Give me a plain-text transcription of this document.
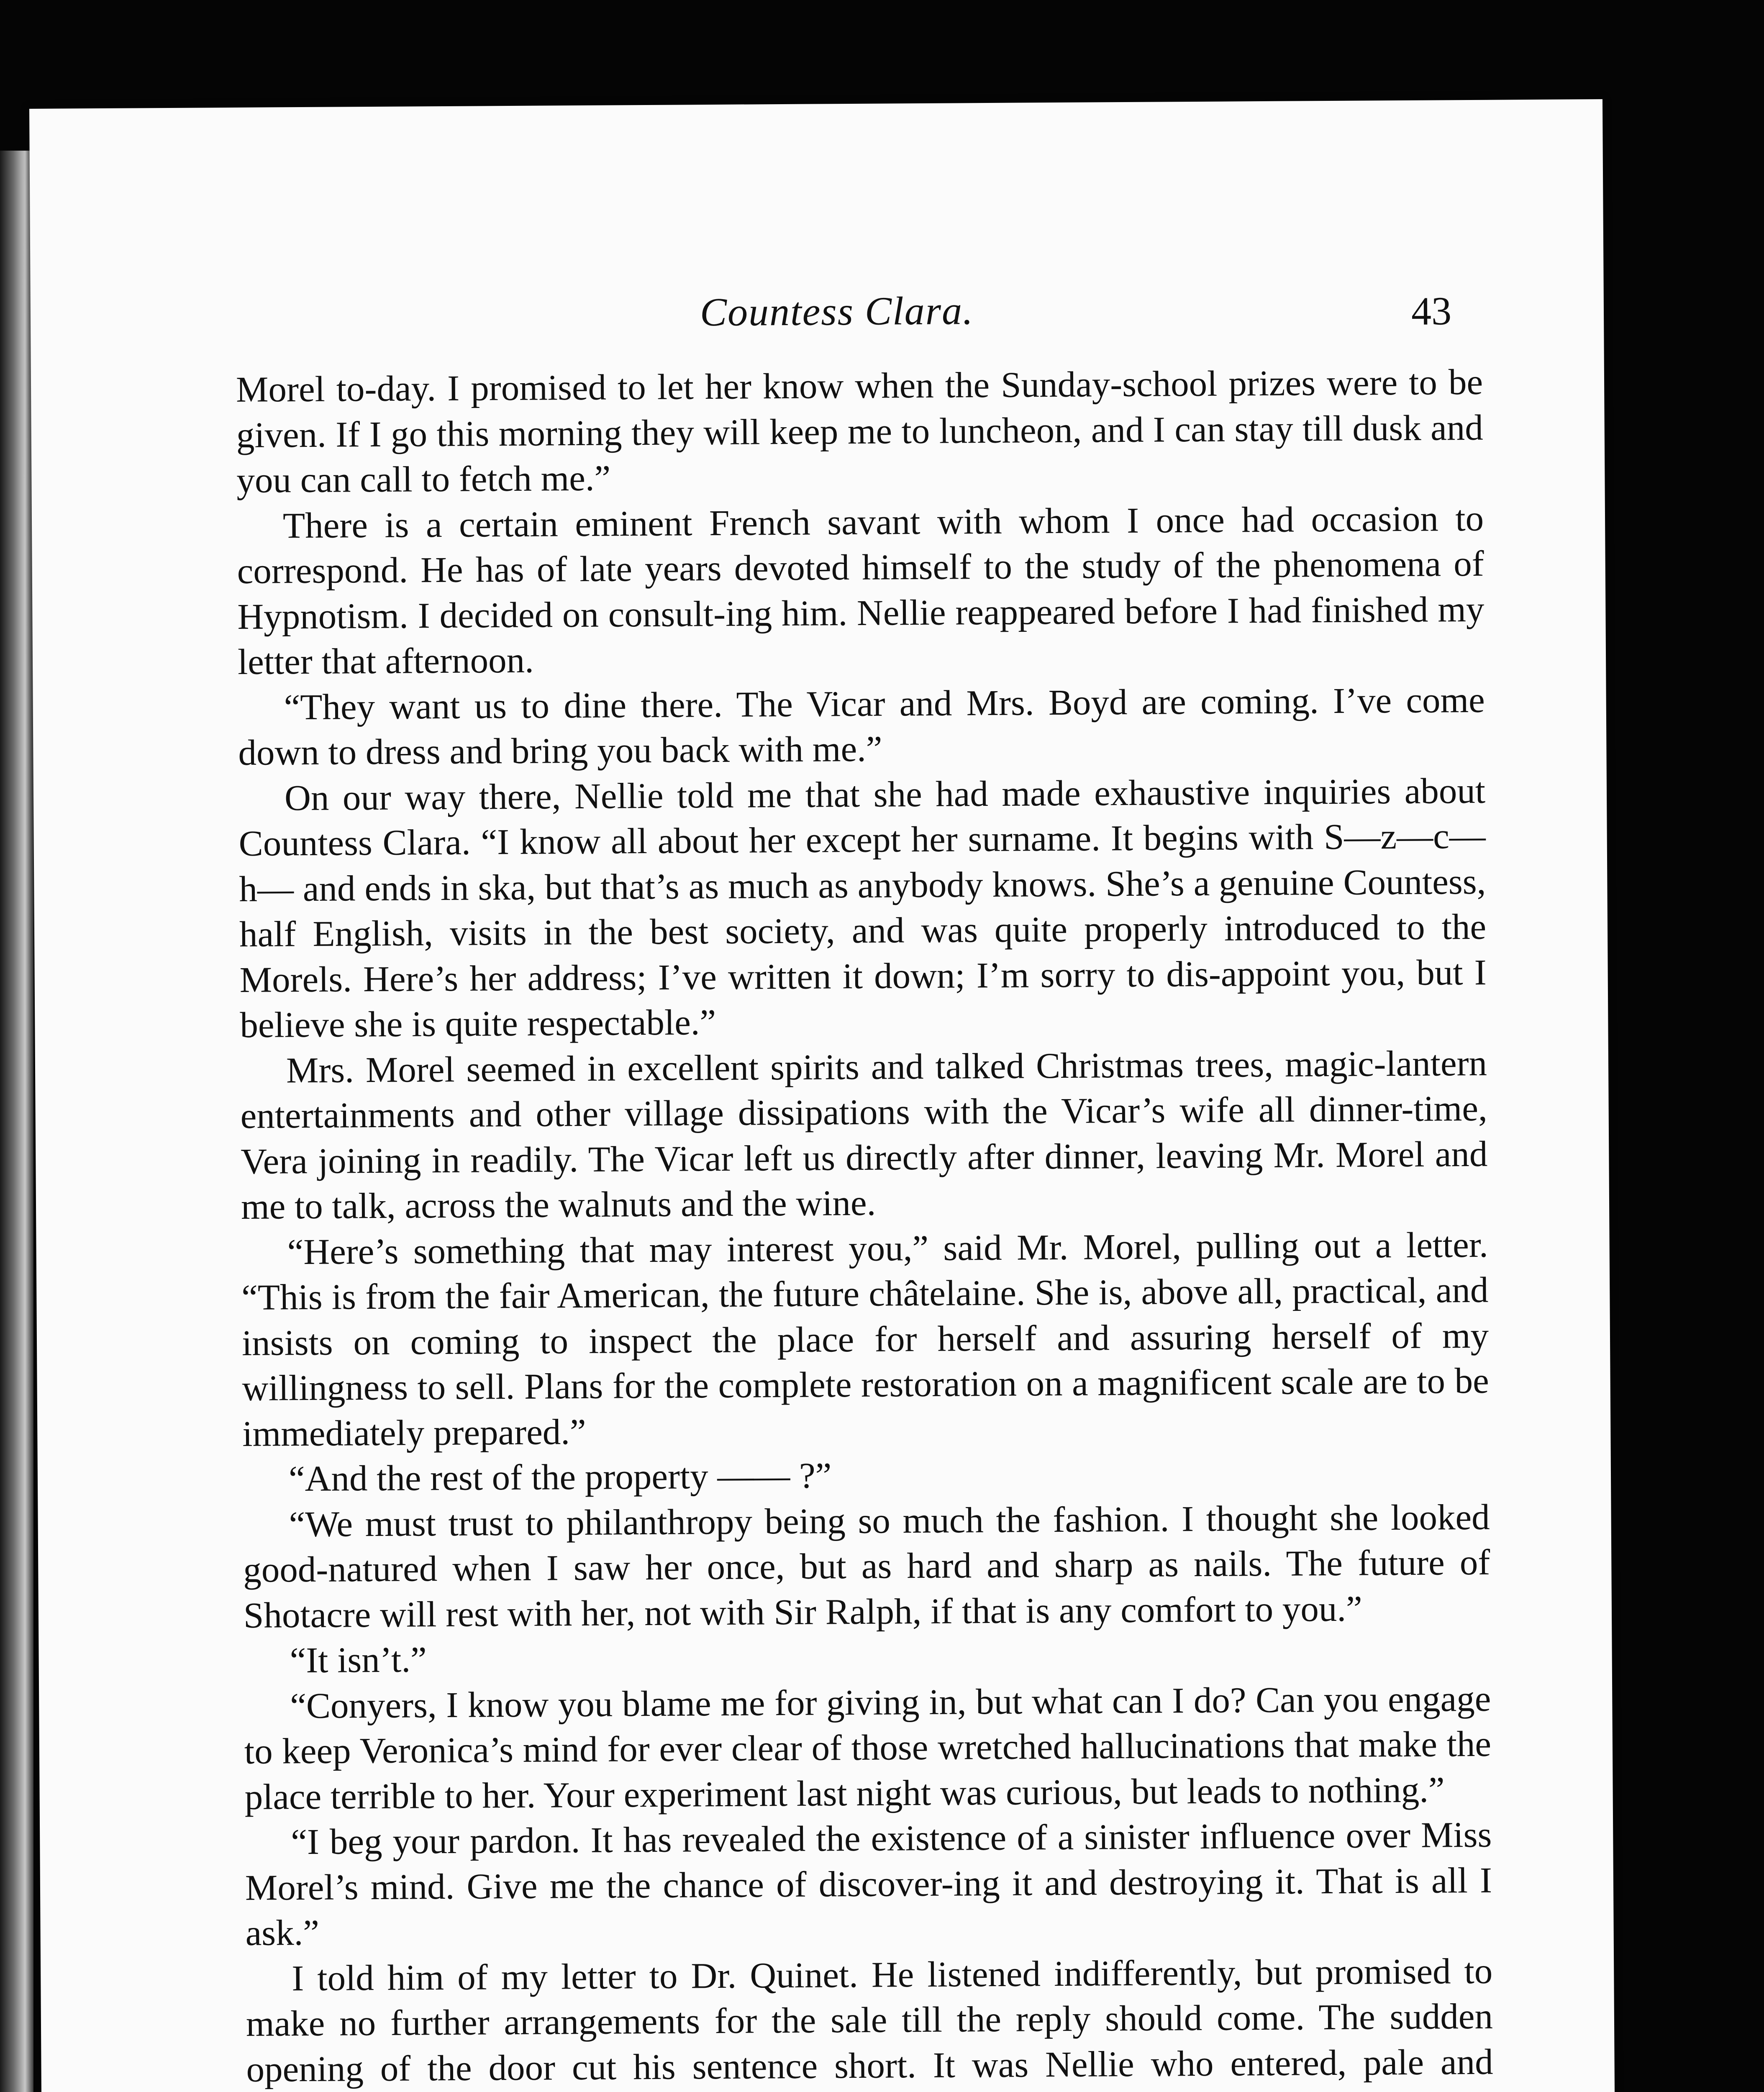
Countess Clara.	43

Morel to-day. I promised to let her know when the Sunday-school prizes were to be given. If I go this morning they will keep me to luncheon, and I can stay till dusk and you can call to fetch me.”

There is a certain eminent French savant with whom I once had occasion to correspond. He has of late years devoted himself to the study of the phenomena of Hypnotism. I decided on consult-ing him. Nellie reappeared before I had finished my letter that afternoon.

“They want us to dine there. The Vicar and Mrs. Boyd are coming. I’ve come down to dress and bring you back with me.”

On our way there, Nellie told me that she had made exhaustive inquiries about Countess Clara. “I know all about her except her surname. It begins with S—z—c—h— and ends in ska, but that’s as much as anybody knows. She’s a genuine Countess, half English, visits in the best society, and was quite properly introduced to the Morels. Here’s her address; I’ve written it down; I’m sorry to dis-appoint you, but I believe she is quite respectable.”

Mrs. Morel seemed in excellent spirits and talked Christmas trees, magic-lantern entertainments and other village dissipations with the Vicar’s wife all dinner-time, Vera joining in readily. The Vicar left us directly after dinner, leaving Mr. Morel and me to talk, across the walnuts and the wine.

“Here’s something that may interest you,” said Mr. Morel, pulling out a letter. “This is from the fair American, the future châtelaine. She is, above all, practical, and insists on coming to inspect the place for herself and assuring herself of my willingness to sell. Plans for the complete restoration on a magnificent scale are to be immediately prepared.”

“And the rest of the property —— ?”

“We must trust to philanthropy being so much the fashion. I thought she looked good-natured when I saw her once, but as hard and sharp as nails. The future of Shotacre will rest with her, not with Sir Ralph, if that is any comfort to you.”

“It isn’t.”

“Conyers, I know you blame me for giving in, but what can I do? Can you engage to keep Veronica’s mind for ever clear of those wretched hallucinations that make the place terrible to her. Your experiment last night was curious, but leads to nothing.”

“I beg your pardon. It has revealed the existence of a sinister influence over Miss Morel’s mind. Give me the chance of discover-ing it and destroying it. That is all I ask.”

I told him of my letter to Dr. Quinet. He listened indifferently, but promised to make no further arrangements for the sale till the reply should come. The sudden opening of the door cut his sentence short. It was Nellie who entered, pale and
